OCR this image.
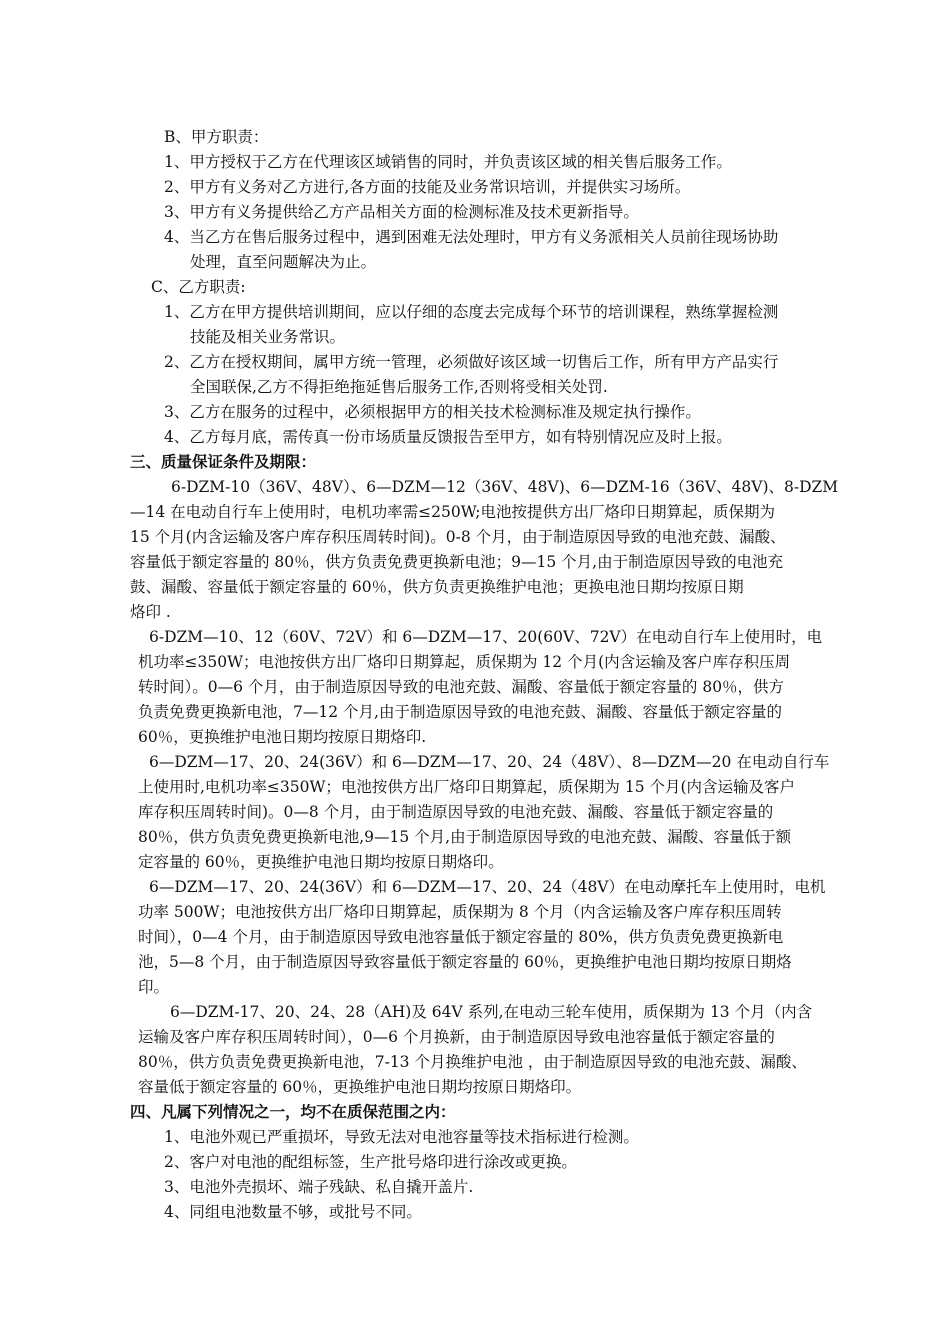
B、甲方职责：
1、甲方授权于乙方在代理该区域销售的同时，并负责该区域的相关售后服务工作。
2、甲方有义务对乙方进行,各方面的技能及业务常识培训，并提供实习场所。
3、甲方有义务提供给乙方产品相关方面的检测标准及技术更新指导。
4、当乙方在售后服务过程中，遇到困难无法处理时，甲方有义务派相关人员前往现场协助
处理，直至问题解决为止。
C、乙方职责:
1、乙方在甲方提供培训期间，应以仔细的态度去完成每个环节的培训课程，熟练掌握检测
技能及相关业务常识。
2、乙方在授权期间，属甲方统一管理，必须做好该区域一切售后工作，所有甲方产品实行
全国联保,乙方不得拒绝拖延售后服务工作,否则将受相关处罚.
3、乙方在服务的过程中，必须根据甲方的相关技术检测标准及规定执行操作。
4、乙方每月底，需传真一份市场质量反馈报告至甲方，如有特别情况应及时上报。
三、质量保证条件及期限：
6-DZM-10（36V、48V）、6—DZM—12（36V、48V)、6—DZM-16（36V、48V)、8-DZM
—14 在电动自行车上使用时，电机功率需≤250W;电池按提供方出厂烙印日期算起，质保期为
15 个月(内含运输及客户库存积压周转时间)。0-8 个月，由于制造原因导致的电池充鼓、漏酸、
容量低于额定容量的 80％，供方负责免费更换新电池；9—15 个月,由于制造原因导致的电池充
鼓、漏酸、容量低于额定容量的 60％，供方负责更换维护电池；更换电池日期均按原日期
烙印 .
6-DZM—10、12（60V、72V）和 6—DZM—17、20(60V、72V）在电动自行车上使用时，电
机功率≤350W；电池按供方出厂烙印日期算起，质保期为 12 个月(内含运输及客户库存积压周
转时间）。0—6 个月，由于制造原因导致的电池充鼓、漏酸、容量低于额定容量的 80％，供方
负责免费更换新电池，7—12 个月,由于制造原因导致的电池充鼓、漏酸、容量低于额定容量的
60％，更换维护电池日期均按原日期烙印.
6—DZM—17、20、24(36V）和 6—DZM—17、20、24（48V）、8—DZM—20 在电动自行车
上使用时,电机功率≤350W；电池按供方出厂烙印日期算起，质保期为 15 个月(内含运输及客户
库存积压周转时间)。0—8 个月，由于制造原因导致的电池充鼓、漏酸、容量低于额定容量的
80％，供方负责免费更换新电池,9—15 个月,由于制造原因导致的电池充鼓、漏酸、容量低于额
定容量的 60％，更换维护电池日期均按原日期烙印。
6—DZM—17、20、24(36V）和 6—DZM—17、20、24（48V）在电动摩托车上使用时，电机
功率 500W；电池按供方出厂烙印日期算起，质保期为 8 个月（内含运输及客户库存积压周转
时间），0—4 个月，由于制造原因导致电池容量低于额定容量的 80%，供方负责免费更换新电
池，5—8 个月，由于制造原因导致容量低于额定容量的 60％，更换维护电池日期均按原日期烙
印。
6—DZM-17、20、24、28（AH)及 64V 系列,在电动三轮车使用，质保期为 13 个月（内含
运输及客户库存积压周转时间），0—6 个月换新，由于制造原因导致电池容量低于额定容量的
80％，供方负责免费更换新电池，7-13 个月换维护电池 ，由于制造原因导致的电池充鼓、漏酸、
容量低于额定容量的 60％，更换维护电池日期均按原日期烙印。
四、凡属下列情况之一，均不在质保范围之内：
1、电池外观已严重损坏，导致无法对电池容量等技术指标进行检测。
2、客户对电池的配组标签，生产批号烙印进行涂改或更换。
3、电池外壳损坏、端子残缺、私自撬开盖片.
4、同组电池数量不够，或批号不同。
